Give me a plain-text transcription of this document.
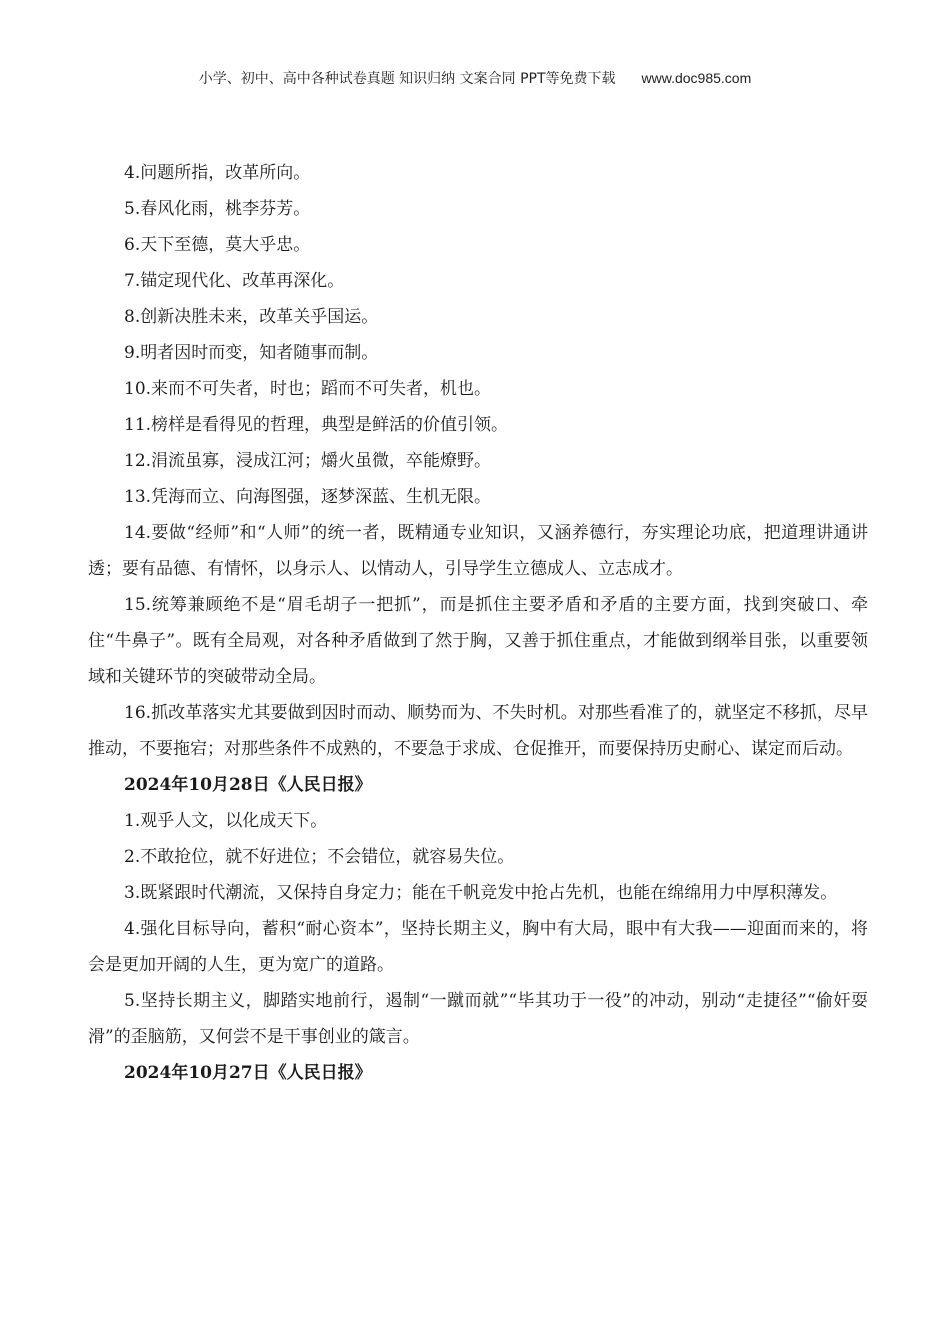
小学、初中、高中各种试卷真题 知识归纳 文案合同 PPT等免费下载 www.doc985.com

4.问题所指，改革所向。

5.春风化雨，桃李芬芳。

6.天下至德，莫大乎忠。

7.锚定现代化、改革再深化。

8.创新决胜未来，改革关乎国运。

9.明者因时而变，知者随事而制。

10.来而不可失者，时也；蹈而不可失者，机也。

11.榜样是看得见的哲理，典型是鲜活的价值引领。

12.涓流虽寡，浸成江河；爝火虽微，卒能燎野。

13.凭海而立、向海图强，逐梦深蓝、生机无限。

14.要做“经师”和“人师”的统一者，既精通专业知识，又涵养德行，夯实理论功底，把道理讲通讲透；要有品德、有情怀，以身示人、以情动人，引导学生立德成人、立志成才。

15.统筹兼顾绝不是“眉毛胡子一把抓”，而是抓住主要矛盾和矛盾的主要方面，找到突破口、牵住“牛鼻子”。既有全局观，对各种矛盾做到了然于胸，又善于抓住重点，才能做到纲举目张，以重要领域和关键环节的突破带动全局。

16.抓改革落实尤其要做到因时而动、顺势而为、不失时机。对那些看准了的，就坚定不移抓，尽早推动，不要拖宕；对那些条件不成熟的，不要急于求成、仓促推开，而要保持历史耐心、谋定而后动。

2024年10月28日《人民日报》

1.观乎人文，以化成天下。

2.不敢抢位，就不好进位；不会错位，就容易失位。

3.既紧跟时代潮流，又保持自身定力；能在千帆竞发中抢占先机，也能在绵绵用力中厚积薄发。

4.强化目标导向，蓄积“耐心资本”，坚持长期主义，胸中有大局，眼中有大我——迎面而来的，将会是更加开阔的人生，更为宽广的道路。

5.坚持长期主义，脚踏实地前行，遏制“一蹴而就”“毕其功于一役”的冲动，别动“走捷径”“偷奸耍滑”的歪脑筋，又何尝不是干事创业的箴言。

2024年10月27日《人民日报》
